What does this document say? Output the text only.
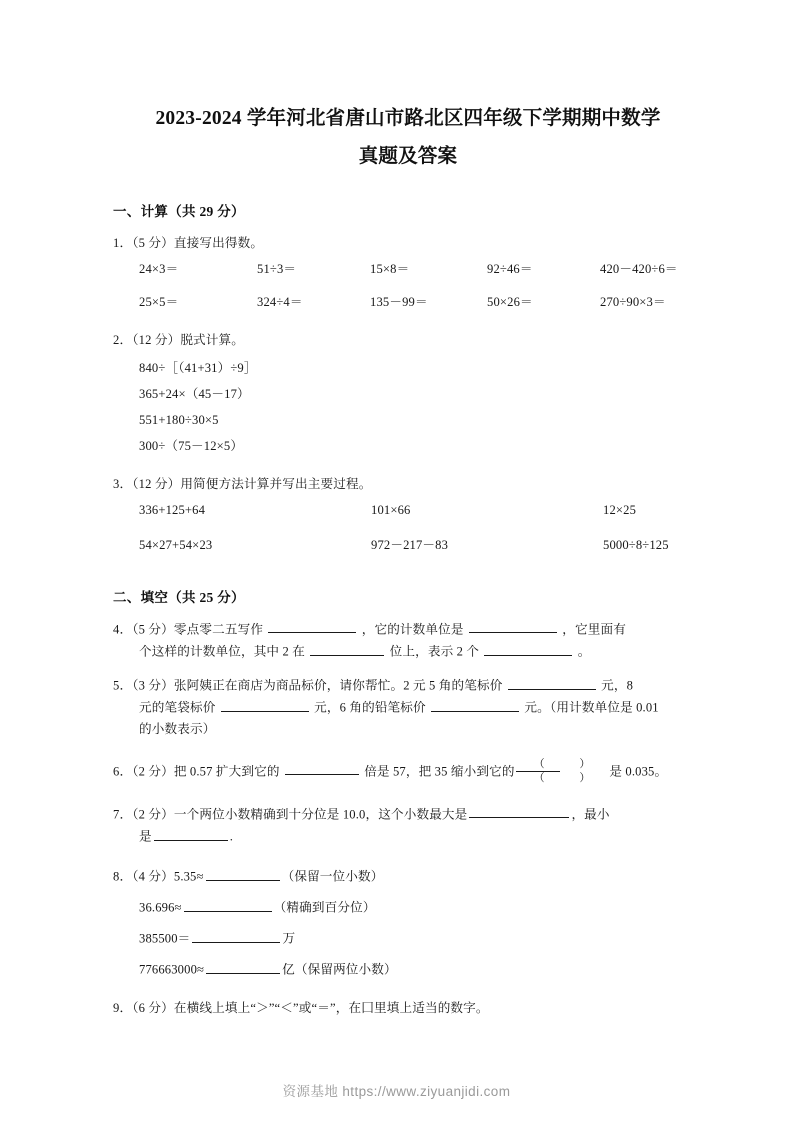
2023-2024 学年河北省唐山市路北区四年级下学期期中数学
真题及答案
一、计算（共 29 分）
1．（5 分）直接写出得数。
24×3＝	51÷3＝	15×8＝	92÷46＝	420－420÷6＝
25×5＝	324÷4＝	135－99＝	50×26＝	270÷90×3＝
2．（12 分）脱式计算。
840÷［（41+31）÷9］
365+24×（45－17）
551+180÷30×5
300÷（75－12×5）
3．（12 分）用简便方法计算并写出主要过程。
336+125+64	101×66	12×25
54×27+54×23	972－217－83	5000÷8÷125
二、填空（共 25 分）
4．（5 分）零点零二五写作	，它的计数单位是	，它里面有
个这样的计数单位，其中 2 在	位上，表示 2 个	。
5．（3 分）张阿姨正在商店为商品标价，请你帮忙。2 元 5 角的笔标价	元，8
元的笔袋标价	元，6 角的铅笔标价	元。（用计数单位是 0.01
的小数表示）
6．（2 分）把 0.57 扩大到它的	倍是 57，把 35 缩小到它的 $\frac{( )}{( )}$ 是 0.035。
7．（2 分）一个两位小数精确到十分位是 10.0，这个小数最大是	，最小
是	.
8．（4 分）5.35≈	（保留一位小数）
36.696≈	（精确到百分位）
385500＝	万
776663000≈	亿（保留两位小数）
9．（6 分）在横线上填上“＞”“＜”或“＝”，在囗里填上适当的数字。
资源基地 https://www.ziyuanjidi.com
